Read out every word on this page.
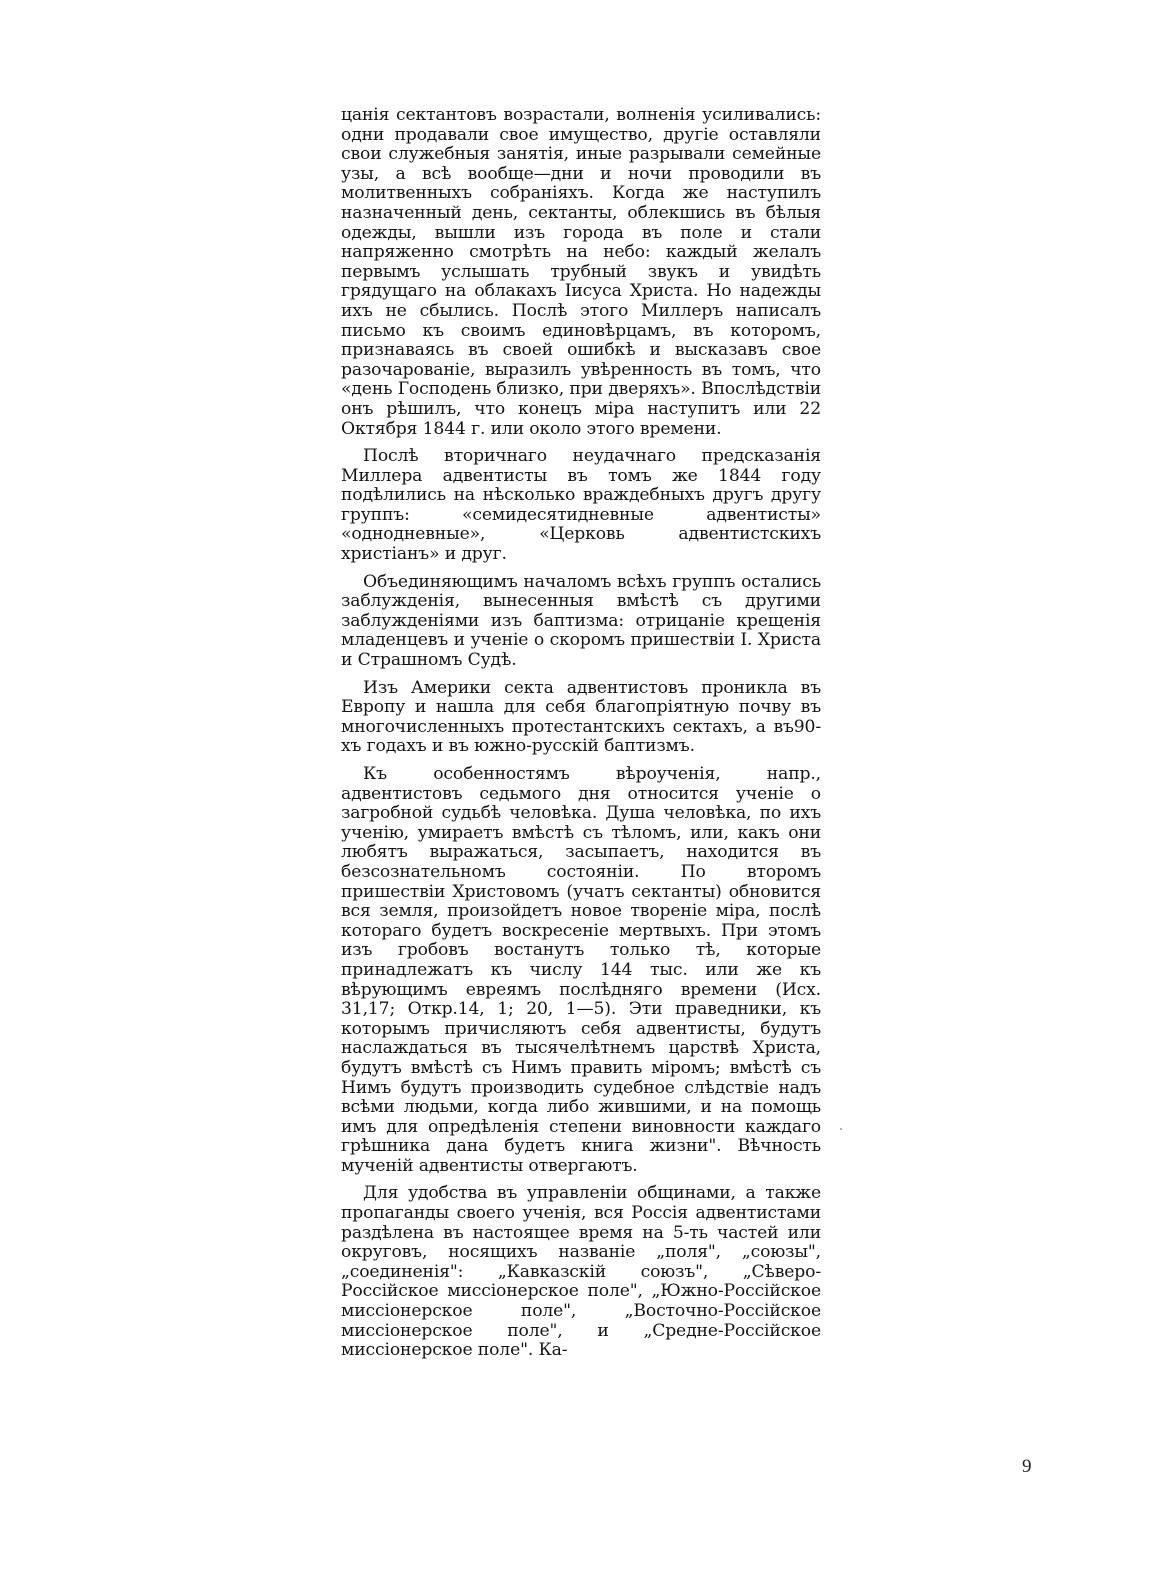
цанія сектантовъ возрастали, волненія усиливались: одни продавали свое имущество, другіе оставляли свои служебныя занятія, иные разрывали семейные узы, а всѣ вообще—дни и ночи проводили въ молитвенныхъ собраніяхъ. Когда же наступилъ назначенный день, сектанты, облекшись въ бѣлыя одежды, вышли изъ города въ поле и стали напряженно смотрѣть на небо: каждый желалъ первымъ услышать трубный звукъ и увидѣть грядущаго на облакахъ Іисуса Христа. Но надежды ихъ не сбылись. Послѣ этого Миллеръ написалъ письмо къ своимъ единовѣрцамъ, въ которомъ, признаваясь въ своей ошибкѣ и высказавъ свое разочарованіе, выразилъ увѣренность въ томъ, что «день Господень близко, при дверяхъ». Впослѣдствіи онъ рѣшилъ, что конецъ міра наступитъ или 22 Октября 1844 г. или около этого времени.

Послѣ вторичнаго неудачнаго предсказанія Миллера адвентисты въ томъ же 1844 году подѣлились на нѣсколько враждебныхъ другъ другу группъ: «семидесятидневные адвентисты» «однодневные», «Церковь адвентистскихъ христіанъ» и друг.

Объединяющимъ началомъ всѣхъ группъ остались заблужденія, вынесенныя вмѣстѣ съ другими заблужденіями изъ баптизма: отрицаніе крещенія младенцевъ и ученіе о скоромъ пришествіи І. Христа и Страшномъ Судѣ.

Изъ Америки секта адвентистовъ проникла въ Европу и нашла для себя благопріятную почву въ многочисленныхъ протестантскихъ сектахъ, а въ90-хъ годахъ и въ южно-русскій баптизмъ.

Къ особенностямъ вѣроученія, напр., адвентистовъ седьмого дня относится ученіе о загробной судьбѣ человѣка. Душа человѣка, по ихъ ученію, умираетъ вмѣстѣ съ тѣломъ, или, какъ они любятъ выражаться, засыпаетъ, находится въ безсознательномъ состояніи. По второмъ пришествіи Христовомъ (учатъ сектанты) обновится вся земля, произойдетъ новое твореніе міра, послѣ котораго будетъ воскресеніе мертвыхъ. При этомъ изъ гробовъ востанутъ только тѣ, которые принадлежатъ къ числу 144 тыс. или же къ вѣрующимъ евреямъ послѣдняго времени (Исх. 31,17; Откр.14, 1; 20, 1—5). Эти праведники, къ которымъ причисляютъ себя адвентисты, будутъ наслаждаться въ тысячелѣтнемъ царствѣ Христа, будутъ вмѣстѣ съ Нимъ править міромъ; вмѣстѣ съ Нимъ будутъ производить судебное слѣдствіе надъ всѣми людьми, когда либо жившими, и на помощь имъ для опредѣленія степени виновности каждаго грѣшника дана будетъ книга жизни". Вѣчность мученій адвентисты отвергаютъ.

Для удобства въ управленіи общинами, а также пропаганды своего ученія, вся Россія адвентистами раздѣлена въ настоящее время на 5-ть частей или округовъ, носящихъ названіе „поля", „союзы", „соединенія": „Кавказскій союзъ", „Сѣверо-Россійское миссіонерское поле", „Южно-Россійское миссіонерское поле", „Восточно-Россійское миссіонерское поле", и „Средне-Россійское миссіонерское поле". Ка-

9
